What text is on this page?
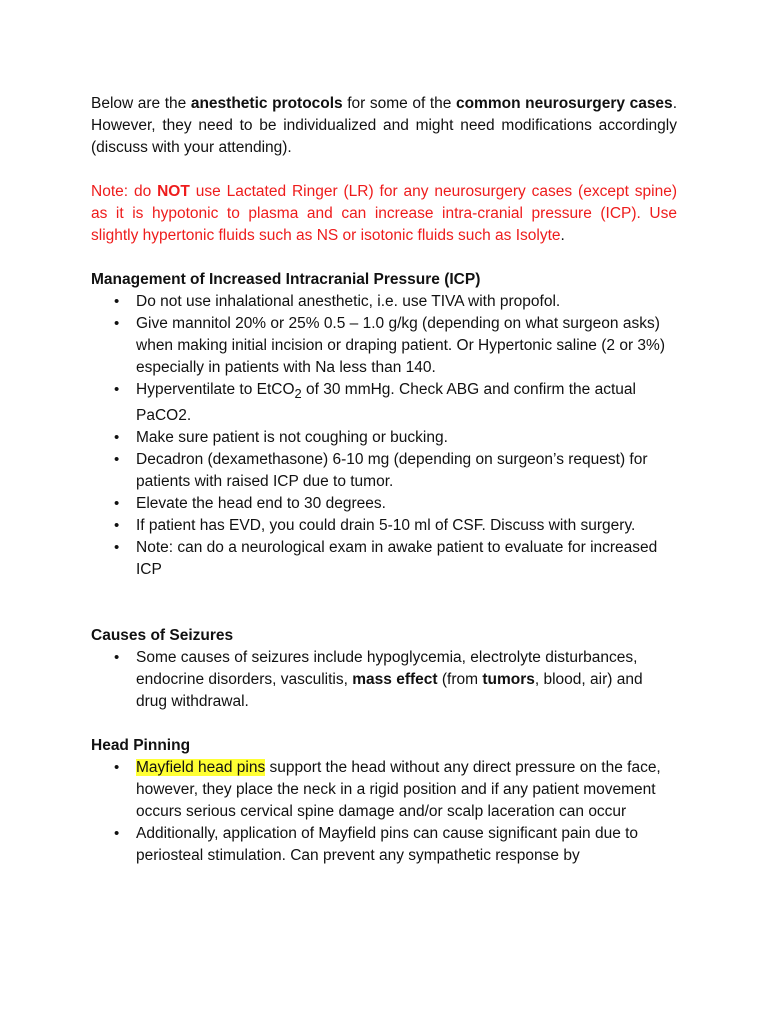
Below are the anesthetic protocols for some of the common neurosurgery cases. However, they need to be individualized and might need modifications accordingly (discuss with your attending).

Note: do NOT use Lactated Ringer (LR) for any neurosurgery cases (except spine) as it is hypotonic to plasma and can increase intra-cranial pressure (ICP). Use slightly hypertonic fluids such as NS or isotonic fluids such as Isolyte.

Management of Increased Intracranial Pressure (ICP)

• Do not use inhalational anesthetic, i.e. use TIVA with propofol.
• Give mannitol 20% or 25% 0.5 – 1.0 g/kg (depending on what surgeon asks) when making initial incision or draping patient. Or Hypertonic saline (2 or 3%) especially in patients with Na less than 140.
• Hyperventilate to EtCO$_2$ of 30 mmHg. Check ABG and confirm the actual PaCO2.
• Make sure patient is not coughing or bucking.
• Decadron (dexamethasone) 6-10 mg (depending on surgeon’s request) for patients with raised ICP due to tumor.
• Elevate the head end to 30 degrees.
• If patient has EVD, you could drain 5-10 ml of CSF. Discuss with surgery.
• Note: can do a neurological exam in awake patient to evaluate for increased ICP

Causes of Seizures

• Some causes of seizures include hypoglycemia, electrolyte disturbances, endocrine disorders, vasculitis, mass effect (from tumors, blood, air) and drug withdrawal.

Head Pinning

• Mayfield head pins support the head without any direct pressure on the face, however, they place the neck in a rigid position and if any patient movement occurs serious cervical spine damage and/or scalp laceration can occur
• Additionally, application of Mayfield pins can cause significant pain due to periosteal stimulation. Can prevent any sympathetic response by
